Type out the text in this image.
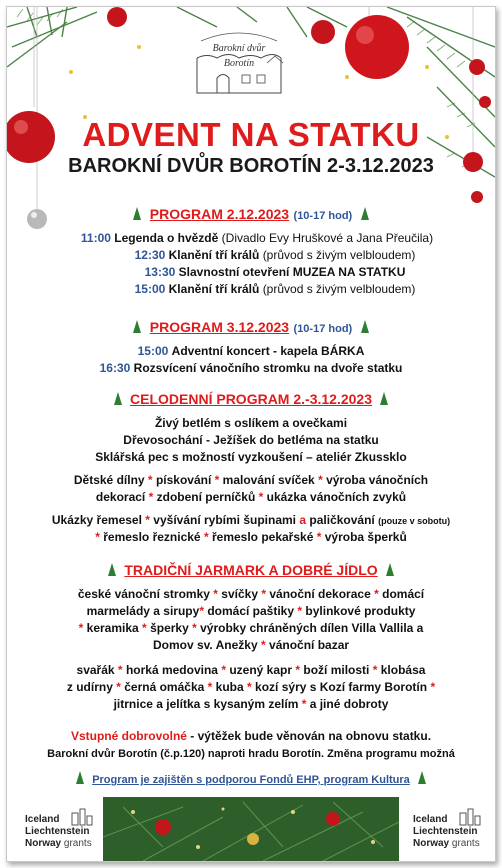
Barokní dvůr
Borotín
ADVENT NA STATKU
BAROKNÍ DVŮR BOROTÍN 2-3.12.2023
PROGRAM 2.12.2023 (10-17 hod)
11:00 Legenda o hvězdě (Divadlo Evy Hruškové a Jana Přeučila)
12:30 Klanění tří králů (průvod s živým velbloudem)
13:30 Slavnostní otevření MUZEA NA STATKU
15:00 Klanění tří králů (průvod s živým velbloudem)
PROGRAM 3.12.2023 (10-17 hod)
15:00 Adventní koncert - kapela BÁRKA
16:30 Rozsvícení vánočního stromku na dvoře statku
CELODENNÍ PROGRAM 2.-3.12.2023
Živý betlém s oslíkem a ovečkami
Dřevosochání - Ježíšek do betléma na statku
Sklářská pec s možností vyzkoušení – ateliér Zkussklo
Dětské dílny * pískování * malování svíček * výroba vánočních
dekorací * zdobení perníčků * ukázka vánočních zvyků
Ukázky řemesel * vyšívání rybími šupinami a paličkování (pouze v sobotu)
* řemeslo řeznické * řemeslo pekařské * výroba šperků
TRADIČNÍ JARMARK A DOBRÉ JÍDLO
české vánoční stromky * svíčky * vánoční dekorace * domácí
marmelády a sirupy* domácí paštiky * bylinkové produkty
* keramika * šperky * výrobky chráněných dílen Villa Vallila a
Domov sv. Anežky * vánoční bazar
svařák * horká medovina * uzený kapr * boží milosti * klobása
z udírny * černá omáčka * kuba * kozí sýry s Kozí farmy Borotín *
jitrnice a jelítka s kysaným zelím * a jiné dobroty
Vstupné dobrovolné - výtěžek bude věnován na obnovu statku.
Barokní dvůr Borotín (č.p.120) naproti hradu Borotín. Změna programu možná
Program je zajištěn s podporou Fondů EHP, program Kultura
Iceland
Liechtenstein
Norway grants
Iceland
Liechtenstein
Norway grants
